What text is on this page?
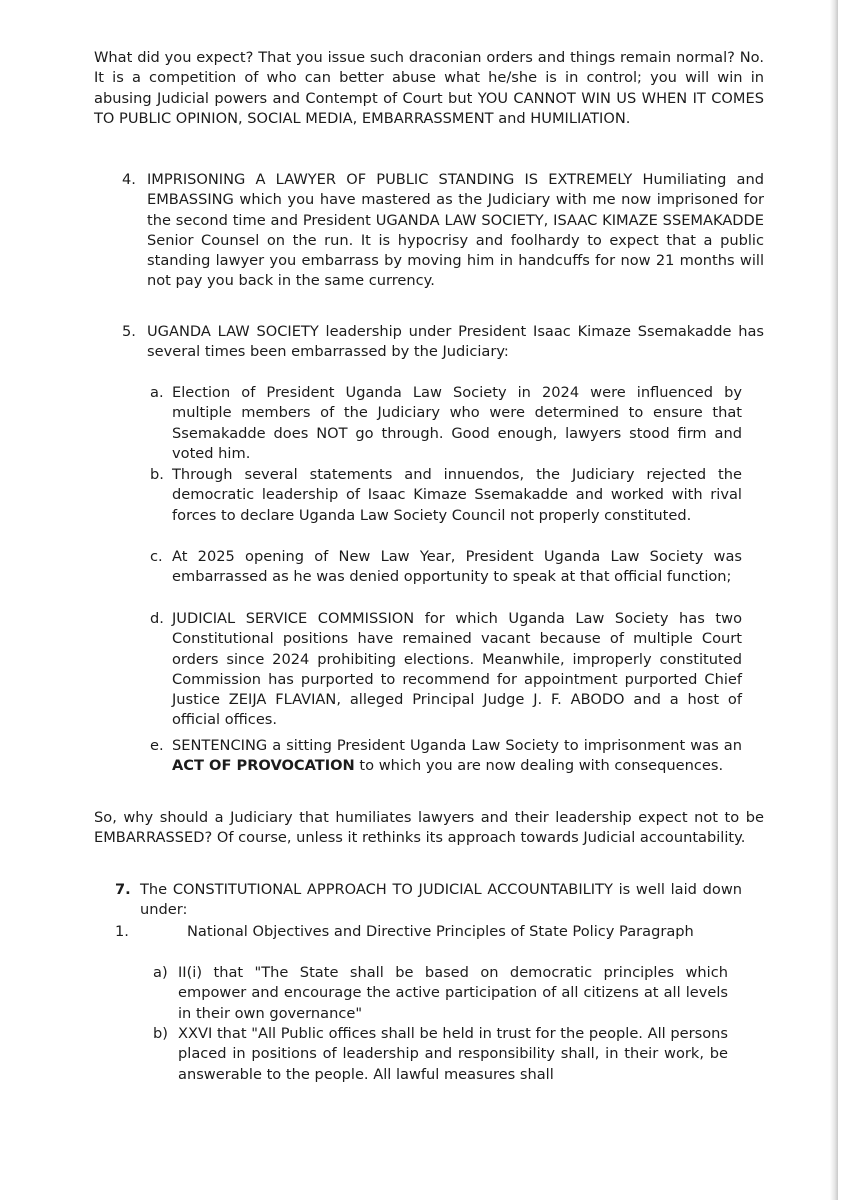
What did you expect? That you issue such draconian orders and things remain normal? No. It is a competition of who can better abuse what he/she is in control; you will win in abusing Judicial powers and Contempt of Court but YOU CANNOT WIN US WHEN IT COMES TO PUBLIC OPINION, SOCIAL MEDIA, EMBARRASSMENT and HUMILIATION.
4. IMPRISONING A LAWYER OF PUBLIC STANDING IS EXTREMELY Humiliating and EMBASSING which you have mastered as the Judiciary with me now imprisoned for the second time and President UGANDA LAW SOCIETY, ISAAC KIMAZE SSEMAKADDE Senior Counsel on the run. It is hypocrisy and foolhardy to expect that a public standing lawyer you embarrass by moving him in handcuffs for now 21 months will not pay you back in the same currency.
5. UGANDA LAW SOCIETY leadership under President Isaac Kimaze Ssemakadde has several times been embarrassed by the Judiciary:
a. Election of President Uganda Law Society in 2024 were influenced by multiple members of the Judiciary who were determined to ensure that Ssemakadde does NOT go through. Good enough, lawyers stood firm and voted him.
b. Through several statements and innuendos, the Judiciary rejected the democratic leadership of Isaac Kimaze Ssemakadde and worked with rival forces to declare Uganda Law Society Council not properly constituted.
c. At 2025 opening of New Law Year, President Uganda Law Society was embarrassed as he was denied opportunity to speak at that official function;
d. JUDICIAL SERVICE COMMISSION for which Uganda Law Society has two Constitutional positions have remained vacant because of multiple Court orders since 2024 prohibiting elections. Meanwhile, improperly constituted Commission has purported to recommend for appointment purported Chief Justice ZEIJA FLAVIAN, alleged Principal Judge J. F. ABODO and a host of official offices.
e. SENTENCING a sitting President Uganda Law Society to imprisonment was an ACT OF PROVOCATION to which you are now dealing with consequences.
So, why should a Judiciary that humiliates lawyers and their leadership expect not to be EMBARRASSED? Of course, unless it rethinks its approach towards Judicial accountability.
7. The CONSTITUTIONAL APPROACH TO JUDICIAL ACCOUNTABILITY is well laid down under:
1.	National Objectives and Directive Principles of State Policy Paragraph
a) II(i) that "The State shall be based on democratic principles which empower and encourage the active participation of all citizens at all levels in their own governance"
b) XXVI that "All Public offices shall be held in trust for the people. All persons placed in positions of leadership and responsibility shall, in their work, be answerable to the people. All lawful measures shall
